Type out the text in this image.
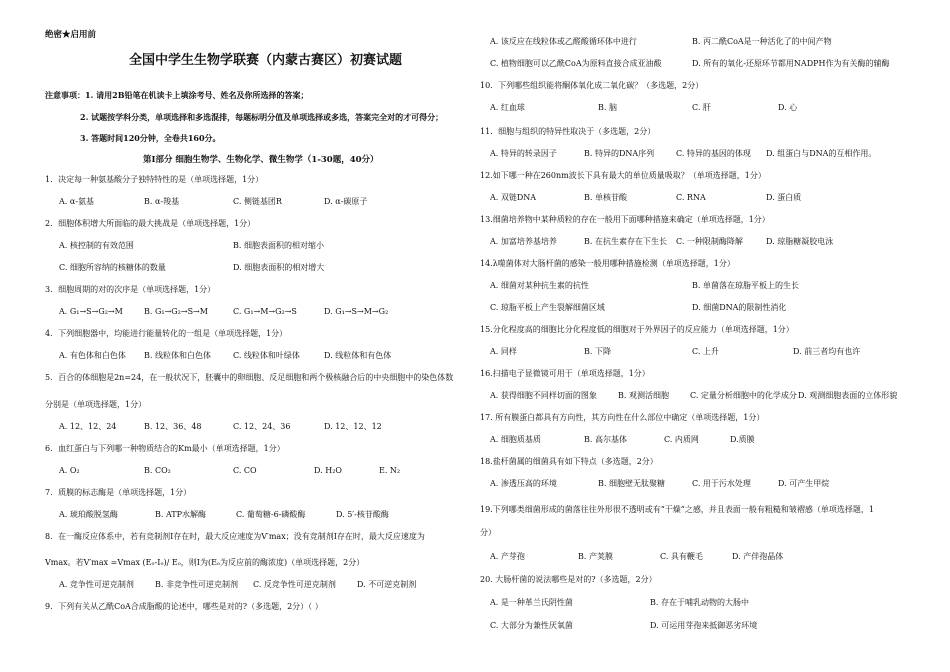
绝密★启用前
全国中学生生物学联赛（内蒙古赛区）初赛试题
注意事项：1. 请用2B铅笔在机读卡上填涂考号、姓名及你所选择的答案；
2. 试题按学科分类，单项选择和多选混排，每题标明分值及单项选择或多选，答案完全对的才可得分；
3. 答题时间120分钟，全卷共160分。
第Ⅰ部分 细胞生物学、生物化学、微生物学（1-30题，40分）
1．决定每一种氨基酸分子独特特性的是（单项选择题，1分）
A. α-氨基	B. α-羧基	C. 侧链基团R	D. α-碳原子
2．细胞体积增大所面临的最大挑战是（单项选择题，1分）
A. 核控制的有效范围	B. 细胞表面积的相对缩小
C. 细胞所容纳的核糖体的数量	D. 细胞表面积的相对增大
3．细胞周期的对的次序是（单项选择题，1分）
A. G₁→S→G₂→M	B. G₁→G₂→S→M	C. G₁→M→G₂→S	D. G₁→S→M→G₂
4．下列细胞器中，均能进行能量转化的一组是（单项选择题，1分）
A. 有色体和白色体 B. 线粒体和白色体	C. 线粒体和叶绿体	D. 线粒体和有色体
5．百合的体细胞是2n=24，在一般状况下，胚囊中的卵细胞、反足细胞和两个极核融合后的中央细胞中的染色体数
分别是（单项选择题，1分）
A. 12、12、24	B. 12、36、48	C. 12、24、36	D. 12、12、12
6．血红蛋白与下列哪一种物质结合的Km最小（单项选择题，1分）
A. O₂	B. CO₂	C. CO	D. H₂O	E. N₂
7．质膜的标志酶是（单项选择题，1分）
A. 琥珀酸脱氢酶	B. ATP水解酶	C. 葡萄糖-6-磷酸酶	D. 5′-核苷酸酶
8．在一酶反应体系中，若有竞制剂I存在时，最大反应速度为V′max；没有竞制剂I存在时，最大反应速度为
Vmax。若V′max =Vmax (Eₒ-Iₒ)/ Eₒ，则I为(Eₒ为反应前的酶浓度)（单项选择题，2分）
A. 竞争性可逆克制剂	B. 非竞争性可逆克制剂 C. 反竞争性可逆克制剂	D. 不可逆克制剂
9．下列有关从乙酰CoA合成脂酸的论述中，哪些是对的?（多选题，2分）（ ）
A. 该反应在线粒体或乙醛酸循环体中进行	B. 丙二酰CoA是一种活化了的中间产物
C. 植物细胞可以乙酰CoA为原料直接合成亚油酸	D. 所有的氧化-还原环节都用NADPH作为有关酶的辅酶
10．下列哪些组织能将酮体氧化成二氧化碳？（多选题，2分）
A. 红血球	B. 脑	C. 肝	D. 心
11．细胞与组织的特异性取决于（多选题，2分）
A. 特异的转录因子	B. 特异的DNA序列	C. 特异的基因的体现 D. 组蛋白与DNA的互相作用。
12.如下哪一种在260nm波长下具有最大的单位质量吸取？（单项选择题，1分）
A. 双链DNA	B. 单核苷酸	C. RNA	D. 蛋白质
13.细菌培养物中某种质粒的存在一般用下面哪种措施来确定（单项选择题，1分）
A. 加富培养基培养	B. 在抗生素存在下生长 C. 一种限制酶降解	D. 琼脂糖凝胶电泳
14.λ噬菌体对大肠杆菌的感染一般用哪种措施检测（单项选择题，1分）
A. 细菌对某种抗生素的抗性	B. 单菌落在琼脂平板上的生长
C. 琼脂平板上产生裂解细菌区域	D. 细菌DNA的限制性消化
15.分化程度高的细胞比分化程度低的细胞对于外界因子的反应能力（单项选择题，1分）
A. 同样	B. 下降	C. 上升	D. 前三者均有也许
16.扫描电子显微镜可用于（单项选择题，1分）
A. 获得细胞不同样切面的图象	B. 观测活细胞	C. 定量分析细胞中的化学成分 D. 观测细胞表面的立体形貌
17. 所有膜蛋白都具有方向性，其方向性在什么部位中确定（单项选择题，1分）
A. 细胞质基质	B. 高尔基体	C. 内质网	D.质膜
18.盐杆菌属的细菌具有如下特点（多选题，2分）
A. 渗透压高的环境	B. 细胞壁无肽聚糖	C. 用于污水处理	D. 可产生甲烷
19.下列哪类细菌形成的菌落往往外形很不透明或有“干燥”之感，并且表面一般有粗糙和皱褶感（单项选择题，1
分）
A. 产芽孢	B. 产荚膜	C. 具有鞭毛	D. 产伴孢晶体
20. 大肠杆菌的说法哪些是对的?（多选题，2分）
A. 是一种革兰氏阴性菌	B. 存在于哺乳动物的大肠中
C. 大部分为兼性厌氧菌	D. 可运用芽孢来抵御恶劣环境
